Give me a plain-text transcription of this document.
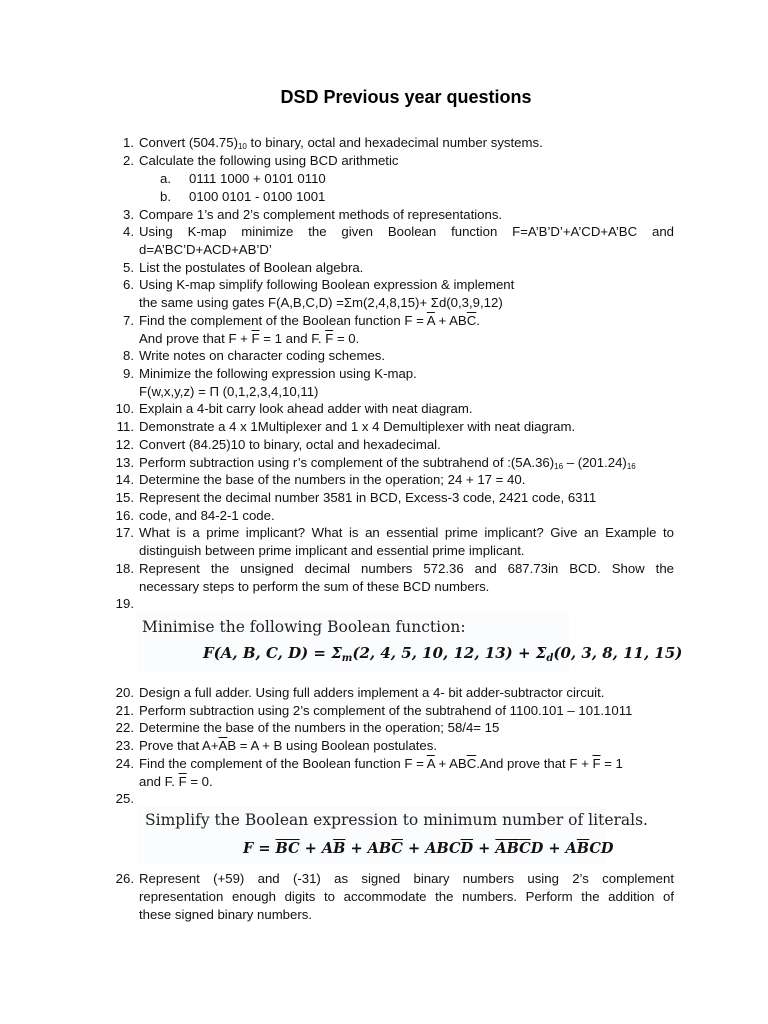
DSD Previous year questions
1. Convert $(504.75)_{10}$ to binary, octal and hexadecimal number systems.
2. Calculate the following using BCD arithmetic
a.	0111 1000 + 0101 0110
b.	0100 0101 - 0100 1001
3. Compare 1’s and 2’s complement methods of representations.
4. Using K-map minimize the given Boolean function F=A’B’D’+A’CD+A’BC and
d=A’BC’D+ACD+AB’D’
5. List the postulates of Boolean algebra.
6. Using K-map simplify following Boolean expression & implement
the same using gates F(A,B,C,D) =Σm(2,4,8,15)+ Σd(0,3,9,12)
7. Find the complement of the Boolean function $F = \overline{A} + AB\overline{C}$.
And prove that $F + \overline{F} = 1$ and F. $\overline{F} = 0$.
8. Write notes on character coding schemes.
9. Minimize the following expression using K-map.
F(w,x,y,z) = Π (0,1,2,3,4,10,11)
10. Explain a 4-bit carry look ahead adder with neat diagram.
11. Demonstrate a 4 x 1Multiplexer and 1 x 4 Demultiplexer with neat diagram.
12. Convert (84.25)10 to binary, octal and hexadecimal.
13. Perform subtraction using r’s complement of the subtrahend of $:(5A.36)_{16} - (201.24)_{16}$
14. Determine the base of the numbers in the operation; 24 + 17 = 40.
15. Represent the decimal number 3581 in BCD, Excess-3 code, 2421 code, 6311
16. code, and 84-2-1 code.
17. What is a prime implicant? What is an essential prime implicant? Give an Example to
distinguish between prime implicant and essential prime implicant.
18. Represent the unsigned decimal numbers 572.36 and 687.73in BCD. Show the
necessary steps to perform the sum of these BCD numbers.
19.
Minimise the following Boolean function:
F(A, B, C, $D) = \Sigma_m(2$, 4, 5, 10, 12, $13) + \Sigma_d(0$, 3, 8, 11, 15)
20. Design a full adder. Using full adders implement a 4- bit adder-subtractor circuit.
21. Perform subtraction using 2’s complement of the subtrahend of 1100.101 – 101.1011
22. Determine the base of the numbers in the operation; 58/4= 15
23. Prove that $A+\overline{A}B = A + B$ using Boolean postulates.
24. Find the complement of the Boolean function $F = \overline{A} + AB\overline{C}.And$ prove that $F + \overline{F} = 1$
and F. $\overline{F} = 0$.
25.
Simplify the Boolean expression to minimum number of literals.
$F = \overline{B}\overline{C} + A\overline{B} + AB\overline{C} + ABC\overline{D} + \overline{A}\overline{B}\overline{C}D + A\overline{B}CD$
26. Represent (+59) and (-31) as signed binary numbers using 2’s complement
representation enough digits to accommodate the numbers. Perform the addition of
these signed binary numbers.
